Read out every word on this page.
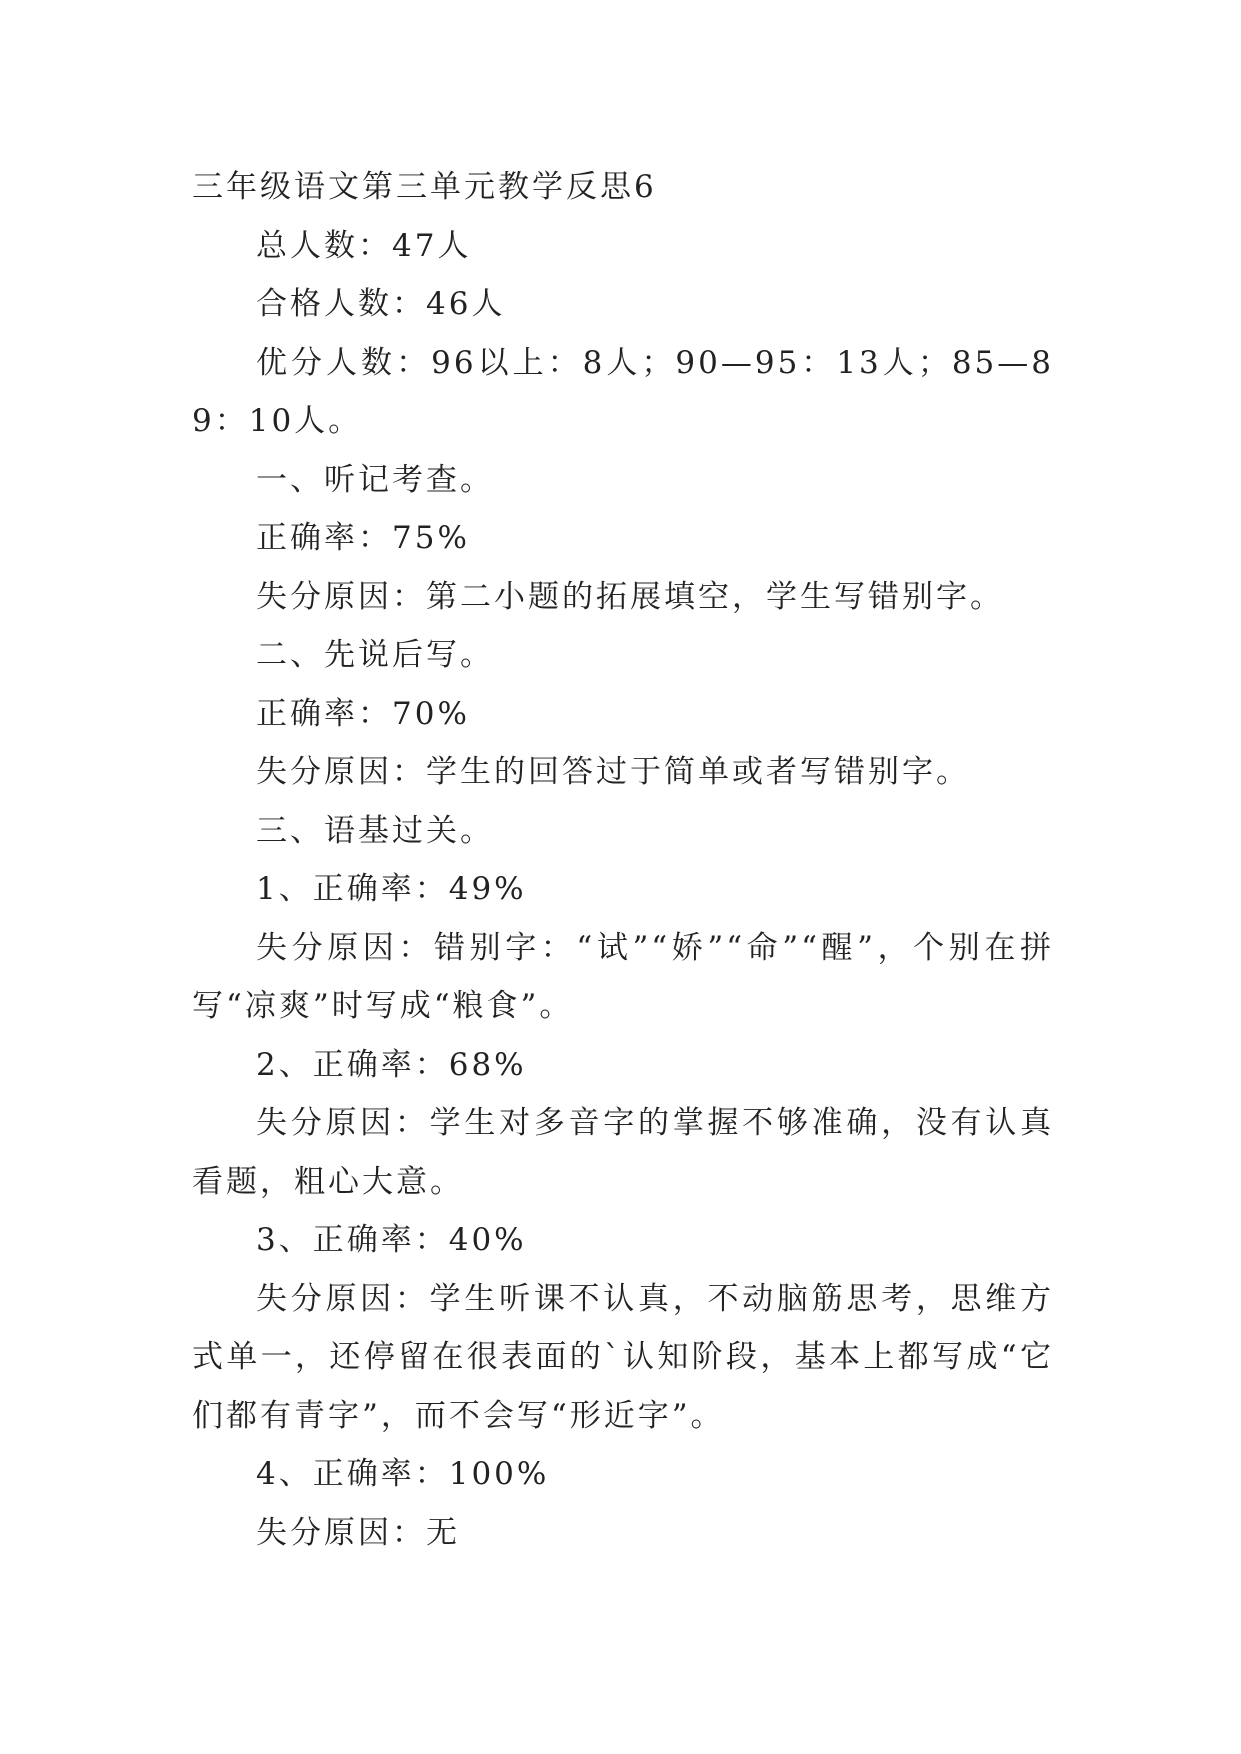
三年级语文第三单元教学反思6

总人数：47人

合格人数：46人

优分人数：96以上：8人；90—95：13人；85—89：10人。

一、听记考查。

正确率：75%

失分原因：第二小题的拓展填空，学生写错别字。

二、先说后写。

正确率：70%

失分原因：学生的回答过于简单或者写错别字。

三、语基过关。

1、正确率：49%

失分原因：错别字：“试”“娇”“命”“醒”，个别在拼写“凉爽”时写成“粮食”。

2、正确率：68%

失分原因：学生对多音字的掌握不够准确，没有认真看题，粗心大意。

3、正确率：40%

失分原因：学生听课不认真，不动脑筋思考，思维方式单一，还停留在很表面的`认知阶段，基本上都写成“它们都有青字”，而不会写“形近字”。

4、正确率：100%

失分原因：无
